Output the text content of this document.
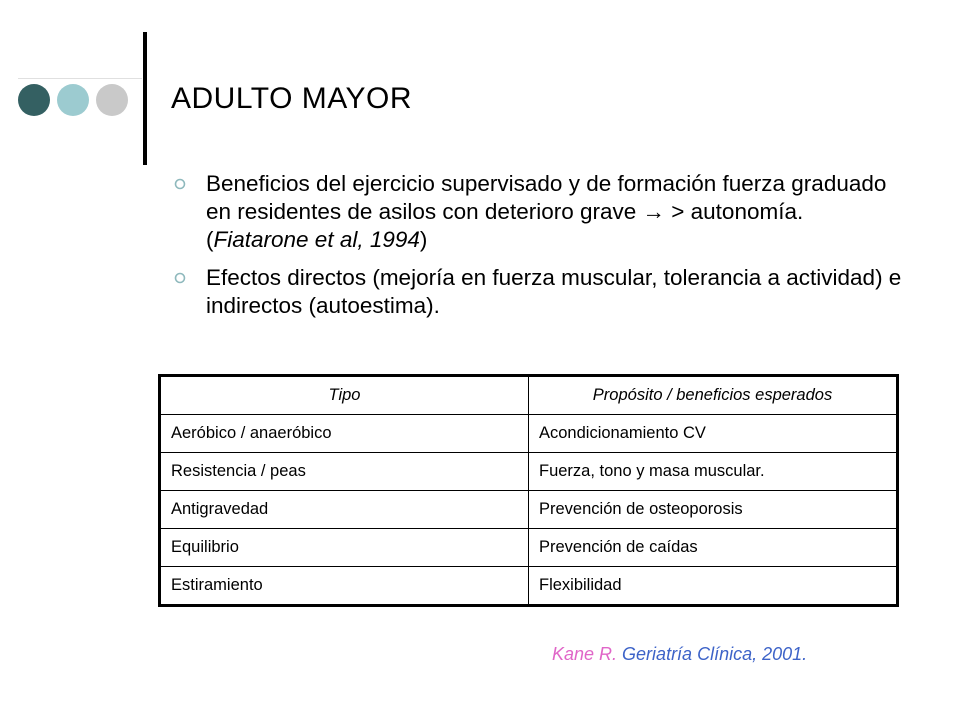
ADULTO MAYOR
Beneficios del ejercicio supervisado y de formación fuerza graduado en residentes de asilos con deterioro grave → > autonomía. (Fiatarone et al, 1994)
Efectos directos (mejoría en fuerza muscular, tolerancia a actividad) e indirectos (autoestima).
Tipo	Propósito / beneficios esperados
Aeróbico / anaeróbico	Acondicionamiento CV
Resistencia / peas	Fuerza, tono y masa muscular.
Antigravedad	Prevención de osteoporosis
Equilibrio	Prevención de caídas
Estiramiento	Flexibilidad
Kane R. Geriatría Clínica, 2001.
